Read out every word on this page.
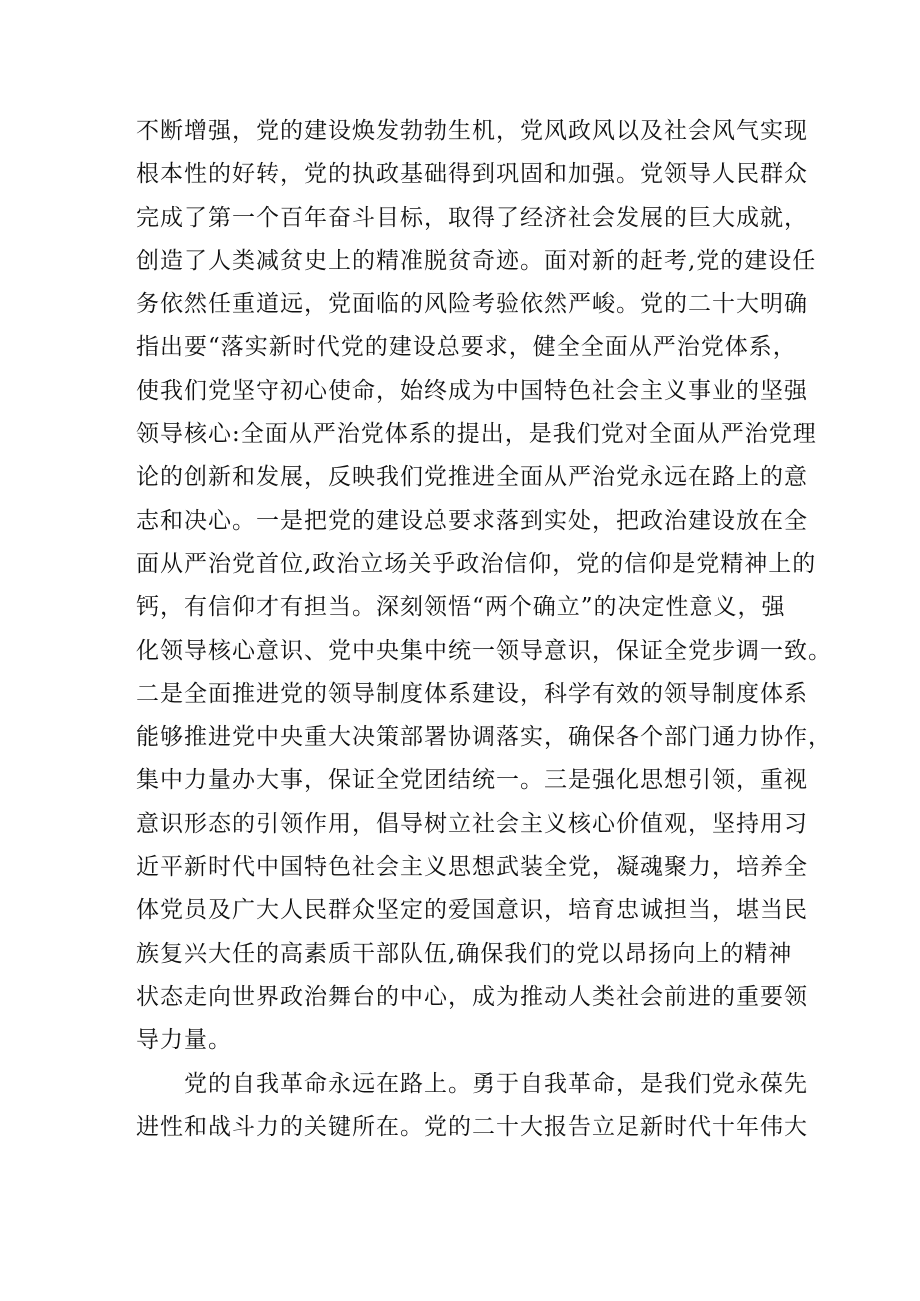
不断增强，党的建设焕发勃勃生机，党风政风以及社会风气实现
根本性的好转，党的执政基础得到巩固和加强。党领导人民群众
完成了第一个百年奋斗目标，取得了经济社会发展的巨大成就，
创造了人类减贫史上的精准脱贫奇迹。面对新的赶考,党的建设任
务依然任重道远，党面临的风险考验依然严峻。党的二十大明确
指出要“落实新时代党的建设总要求，健全全面从严治党体系，
使我们党坚守初心使命，始终成为中国特色社会主义事业的坚强
领导核心:全面从严治党体系的提出，是我们党对全面从严治党理
论的创新和发展，反映我们党推进全面从严治党永远在路上的意
志和决心。一是把党的建设总要求落到实处，把政治建设放在全
面从严治党首位,政治立场关乎政治信仰，党的信仰是党精神上的
钙，有信仰才有担当。深刻领悟“两个确立”的决定性意义，强
化领导核心意识、党中央集中统一领导意识，保证全党步调一致。
二是全面推进党的领导制度体系建设，科学有效的领导制度体系
能够推进党中央重大决策部署协调落实，确保各个部门通力协作，
集中力量办大事，保证全党团结统一。三是强化思想引领，重视
意识形态的引领作用，倡导树立社会主义核心价值观，坚持用习
近平新时代中国特色社会主义思想武装全党，凝魂聚力，培养全
体党员及广大人民群众坚定的爱国意识，培育忠诚担当，堪当民
族复兴大任的高素质干部队伍,确保我们的党以昂扬向上的精神
状态走向世界政治舞台的中心，成为推动人类社会前进的重要领
导力量。
党的自我革命永远在路上。勇于自我革命，是我们党永葆先
进性和战斗力的关键所在。党的二十大报告立足新时代十年伟大
